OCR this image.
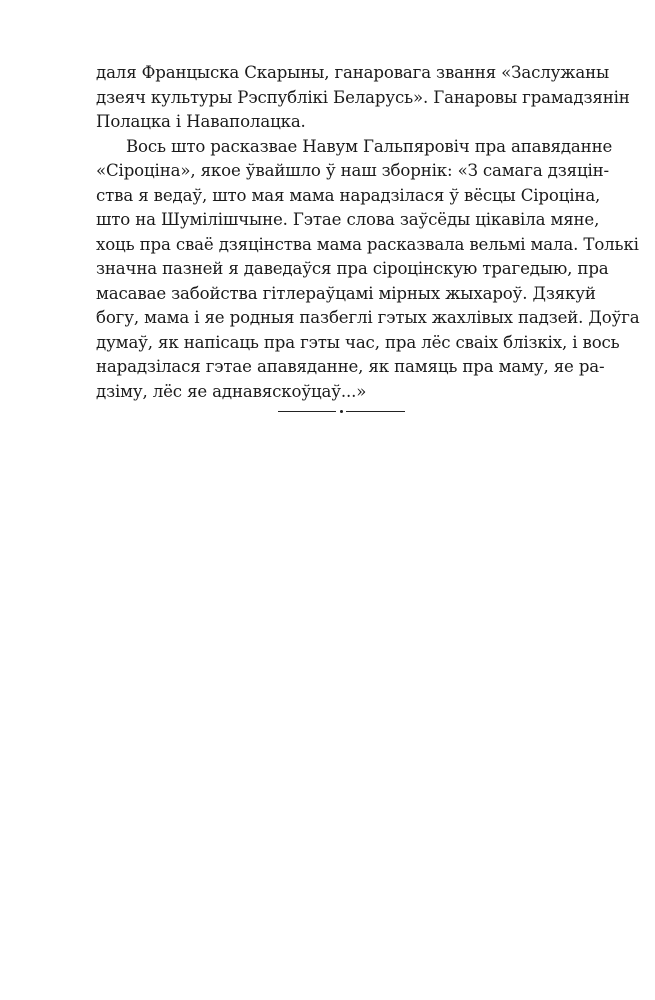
даля Францыска Скарыны, ганаровага звання «Заслужаны
дзеяч культуры Рэспублікі Беларусь». Ганаровы грамадзянін
Полацка і Наваполацка.
Вось што расказвае Навум Гальпяровіч пра апавяданне
«Сіроціна», якое ўвайшло ў наш зборнік: «З самага дзяцін-
ства я ведаў, што мая мама нарадзілася ў вёсцы Сіроціна,
што на Шумілішчыне. Гэтае слова заўсёды цікавіла мяне,
хоць пра сваё дзяцінства мама расказвала вельмі мала. Толькі
значна пазней я даведаўся пра сіроцінскую трагедыю, пра
масавае забойства гітлераўцамі мірных жыхароў. Дзякуй
богу, мама і яе родныя пазбеглі гэтых жахлівых падзей. Доўга
думаў, як напісаць пра гэты час, пра лёс сваіх блізкіх, і вось
нарадзілася гэтае апавяданне, як памяць пра маму, яе ра-
дзіму, лёс яе аднавяскоўцаў...»
